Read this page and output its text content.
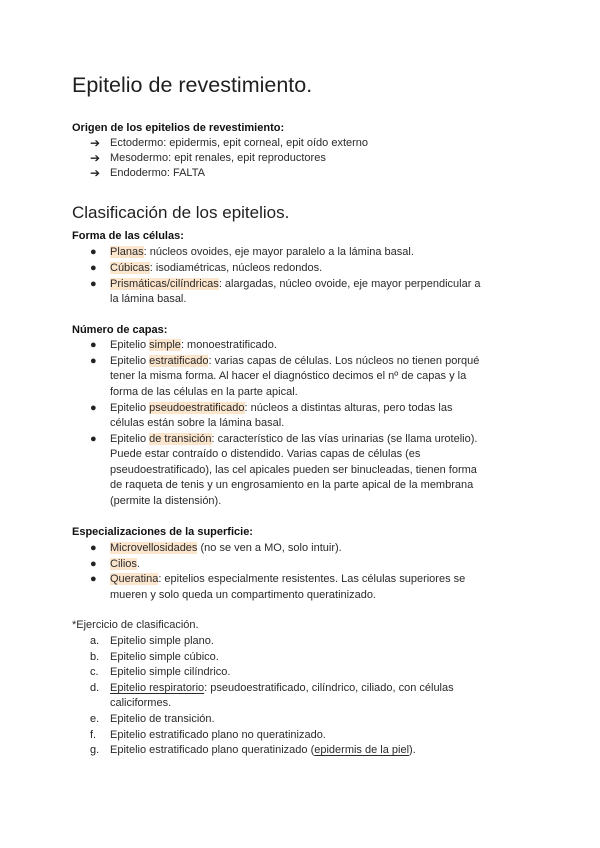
Epitelio de revestimiento.
Origen de los epitelios de revestimiento:
➔ Ectodermo: epidermis, epit corneal, epit oído externo
➔ Mesodermo: epit renales, epit reproductores
➔ Endodermo: FALTA
Clasificación de los epitelios.
Forma de las células:
● Planas: núcleos ovoides, eje mayor paralelo a la lámina basal.
● Cúbicas: isodiamétricas, núcleos redondos.
● Prismáticas/cilíndricas: alargadas, núcleo ovoide, eje mayor perpendicular a
la lámina basal.
Número de capas:
● Epitelio simple: monoestratificado.
● Epitelio estratificado: varias capas de células. Los núcleos no tienen porqué
tener la misma forma. Al hacer el diagnóstico decimos el nº de capas y la
forma de las células en la parte apical.
● Epitelio pseudoestratificado: núcleos a distintas alturas, pero todas las
células están sobre la lámina basal.
● Epitelio de transición: característico de las vías urinarias (se llama urotelio).
Puede estar contraído o distendido. Varias capas de células (es
pseudoestratificado), las cel apicales pueden ser binucleadas, tienen forma
de raqueta de tenis y un engrosamiento en la parte apical de la membrana
(permite la distensión).
Especializaciones de la superficie:
● Microvellosidades (no se ven a MO, solo intuir).
● Cilios.
● Queratina: epitelios especialmente resistentes. Las células superiores se
mueren y solo queda un compartimento queratinizado.
*Ejercicio de clasificación.
a. Epitelio simple plano.
b. Epitelio simple cúbico.
c. Epitelio simple cilíndrico.
d. Epitelio respiratorio: pseudoestratificado, cilíndrico, ciliado, con células
caliciformes.
e. Epitelio de transición.
f. Epitelio estratificado plano no queratinizado.
g. Epitelio estratificado plano queratinizado (epidermis de la piel).
